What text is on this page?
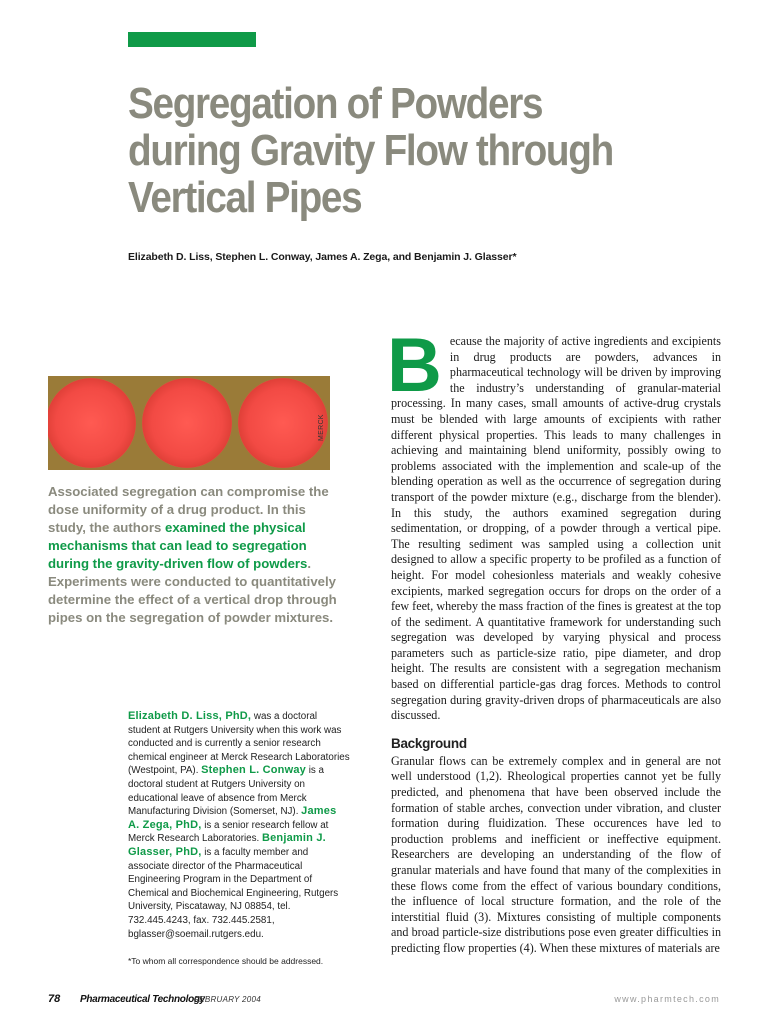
Segregation of Powders during Gravity Flow through Vertical Pipes
Elizabeth D. Liss, Stephen L. Conway, James A. Zega, and Benjamin J. Glasser*
MERCK
Associated segregation can compromise the dose uniformity of a drug product. In this study, the authors examined the physical mechanisms that can lead to segregation during the gravity-driven flow of powders. Experiments were conducted to quantitatively determine the effect of a vertical drop through pipes on the segregation of powder mixtures.
Elizabeth D. Liss, PhD, was a doctoral student at Rutgers University when this work was conducted and is currently a senior research chemical engineer at Merck Research Laboratories (Westpoint, PA). Stephen L. Conway is a doctoral student at Rutgers University on educational leave of absence from Merck Manufacturing Division (Somerset, NJ). James A. Zega, PhD, is a senior research fellow at Merck Research Laboratories. Benjamin J. Glasser, PhD, is a faculty member and associate director of the Pharmaceutical Engineering Program in the Department of Chemical and Biochemical Engineering, Rutgers University, Piscataway, NJ 08854, tel. 732.445.4243, fax. 732.445.2581, bglasser@soemail.rutgers.edu.
*To whom all correspondence should be addressed.
B ecause the majority of active ingredients and excipients in drug products are powders, advances in pharmaceutical technology will be driven by improving the industry’s understanding of granular-material processing. In many cases, small amounts of active-drug crystals must be blended with large amounts of excipients with rather different physical properties. This leads to many challenges in achieving and maintaining blend uniformity, possibly owing to problems associated with the implemention and scale-up of the blending operation as well as the occurrence of segregation during transport of the powder mixture (e.g., discharge from the blender). In this study, the authors examined segregation during sedimentation, or dropping, of a powder through a vertical pipe. The resulting sediment was sampled using a collection unit designed to allow a specific property to be profiled as a function of height. For model cohesionless materials and weakly cohesive excipients, marked segregation occurs for drops on the order of a few feet, whereby the mass fraction of the fines is greatest at the top of the sediment. A quantitative framework for understanding such segregation was developed by varying physical and process parameters such as particle-size ratio, pipe diameter, and drop height. The results are consistent with a segregation mechanism based on differential particle-gas drag forces. Methods to control segregation during gravity-driven drops of pharmaceuticals are also discussed.

Background

Granular flows can be extremely complex and in general are not well understood (1,2). Rheological properties cannot yet be fully predicted, and phenomena that have been observed include the formation of stable arches, convection under vibration, and cluster formation during fluidization. These occurences have led to production problems and inefficient or ineffective equipment. Researchers are developing an understanding of the flow of granular materials and have found that many of the complexities in these flows come from the effect of various boundary conditions, the influence of local structure formation, and the role of the interstitial fluid (3). Mixtures consisting of multiple components and broad particle-size distributions pose even greater difficulties in predicting flow properties (4). When these mixtures of materials are

78 Pharmaceutical Technology
FEBRUARY 2004	www.pharmtech.com
